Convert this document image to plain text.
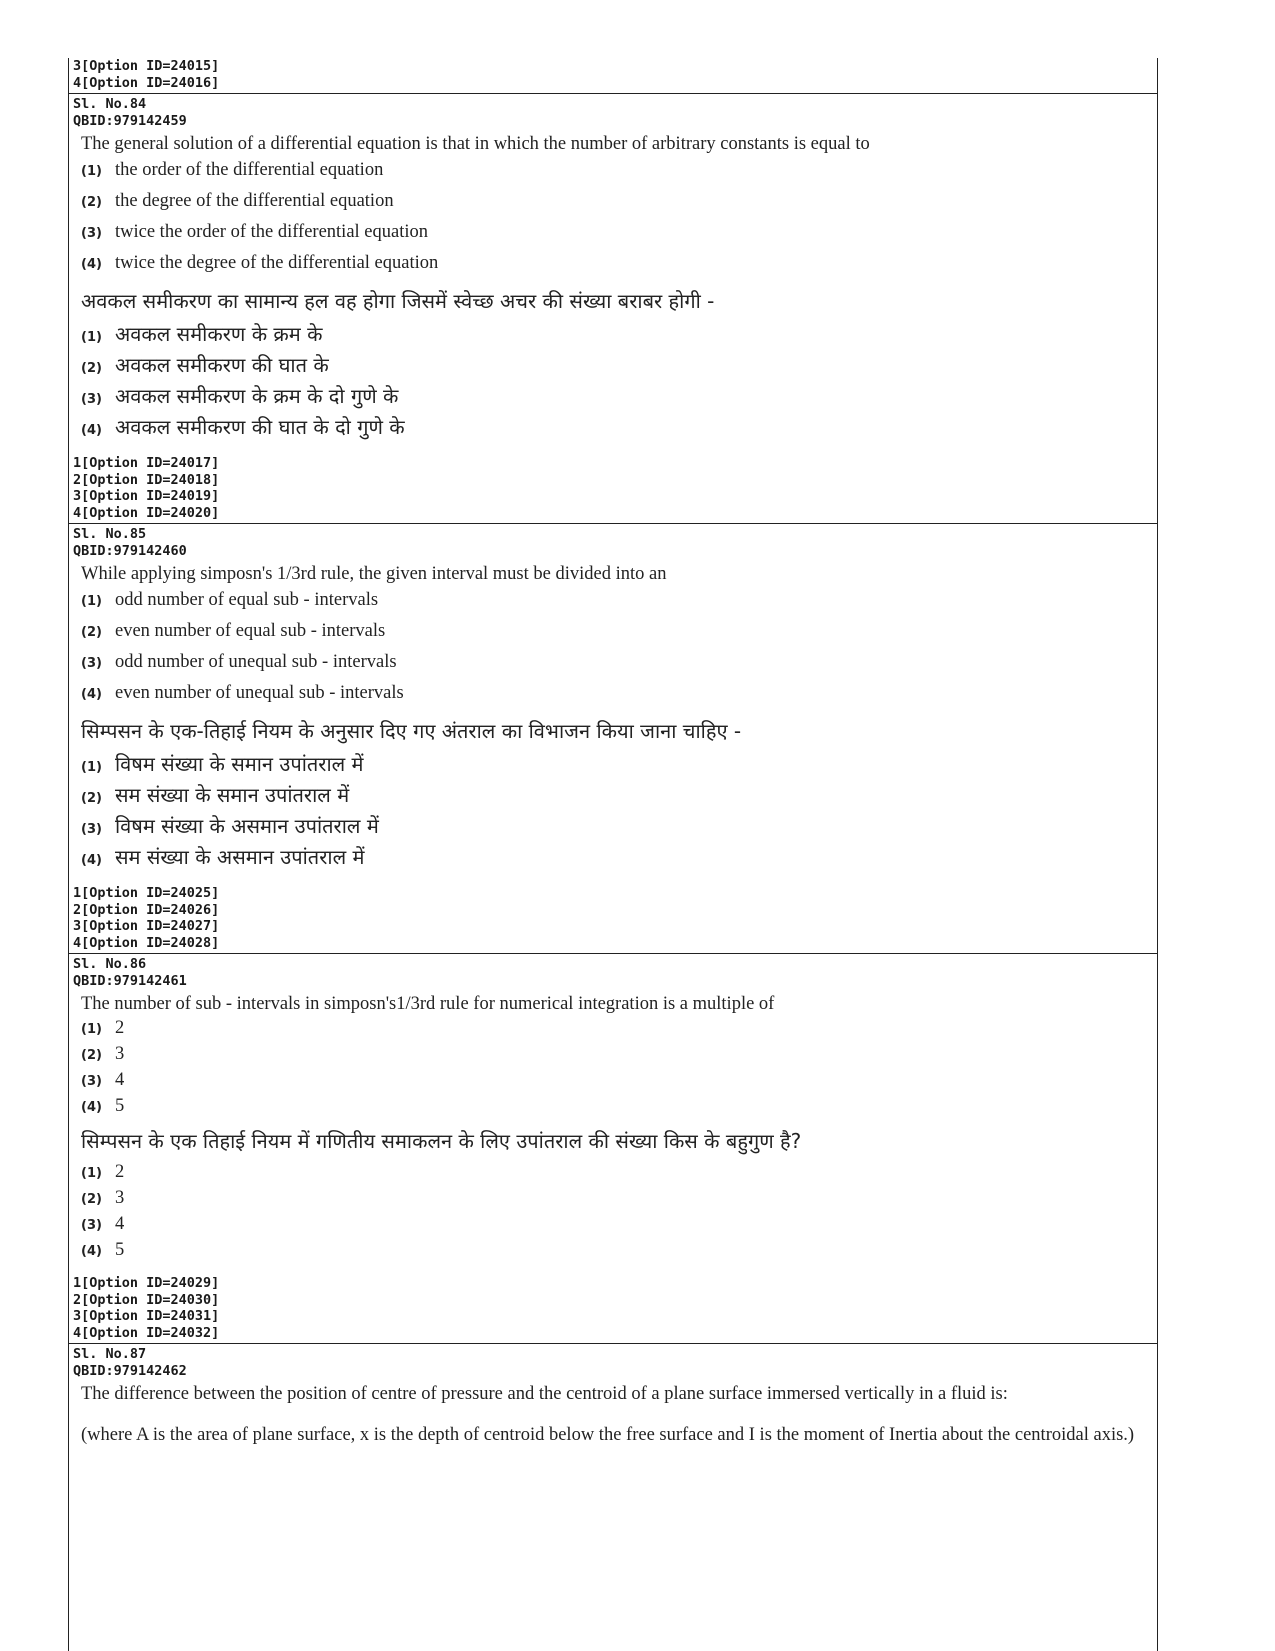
3[Option ID=24015]
4[Option ID=24016]
Sl. No.84
QBID:979142459
The general solution of a differential equation is that in which the number of arbitrary constants is equal to
(1) the order of the differential equation
(2) the degree of the differential equation
(3) twice the order of the differential equation
(4) twice the degree of the differential equation
अवकल समीकरण का सामान्य हल वह होगा जिसमें स्वेच्छ अचर की संख्या बराबर होगी -
(1) अवकल समीकरण के क्रम के
(2) अवकल समीकरण की घात के
(3) अवकल समीकरण के क्रम के दो गुणे के
(4) अवकल समीकरण की घात के दो गुणे के
1[Option ID=24017]
2[Option ID=24018]
3[Option ID=24019]
4[Option ID=24020]
Sl. No.85
QBID:979142460
While applying simposn's 1/3rd rule, the given interval must be divided into an
(1) odd number of equal sub - intervals
(2) even number of equal sub - intervals
(3) odd number of unequal sub - intervals
(4) even number of unequal sub - intervals
सिम्पसन के एक-तिहाई नियम के अनुसार दिए गए अंतराल का विभाजन किया जाना चाहिए -
(1) विषम संख्या के समान उपांतराल में
(2) सम संख्या के समान उपांतराल में
(3) विषम संख्या के असमान उपांतराल में
(4) सम संख्या के असमान उपांतराल में
1[Option ID=24025]
2[Option ID=24026]
3[Option ID=24027]
4[Option ID=24028]
Sl. No.86
QBID:979142461
The number of sub - intervals in simposn's1/3rd rule for numerical integration is a multiple of
(1) 2
(2) 3
(3) 4
(4) 5
सिम्पसन के एक तिहाई नियम में गणितीय समाकलन के लिए उपांतराल की संख्या किस के बहुगुण है?
(1) 2
(2) 3
(3) 4
(4) 5
1[Option ID=24029]
2[Option ID=24030]
3[Option ID=24031]
4[Option ID=24032]
Sl. No.87
QBID:979142462
The difference between the position of centre of pressure and the centroid of a plane surface immersed vertically in a fluid is:
(where A is the area of plane surface, x is the depth of centroid below the free surface and I is the moment of Inertia about the centroidal axis.)
